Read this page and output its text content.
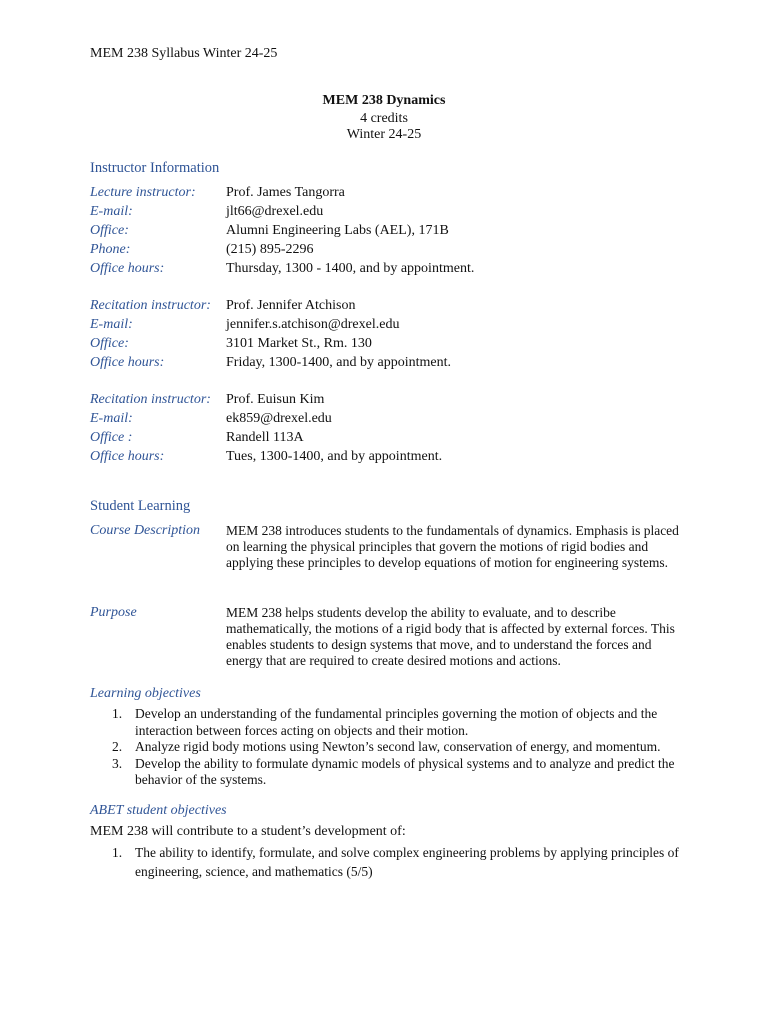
MEM 238 Syllabus Winter 24-25
MEM 238 Dynamics
4 credits
Winter 24-25
Instructor Information
Lecture instructor: Prof. James Tangorra
E-mail:	jlt66@drexel.edu
Office:	Alumni Engineering Labs (AEL), 171B
Phone:	(215) 895-2296
Office hours:	Thursday, 1300 - 1400, and by appointment.
Recitation instructor: Prof. Jennifer Atchison
E-mail:	jennifer.s.atchison@drexel.edu
Office:	3101 Market St., Rm. 130
Office hours:	Friday, 1300-1400, and by appointment.
Recitation instructor: Prof. Euisun Kim
E-mail:	ek859@drexel.edu
Office :	Randell 113A
Office hours:	Tues, 1300-1400, and by appointment.
Student Learning
Course Description MEM 238 introduces students to the fundamentals of dynamics. Emphasis is placed on learning the physical principles that govern the motions of rigid bodies and applying these principles to develop equations of motion for engineering systems.
Purpose	MEM 238 helps students develop the ability to evaluate, and to describe mathematically, the motions of a rigid body that is affected by external forces. This enables students to design systems that move, and to understand the forces and energy that are required to create desired motions and actions.
Learning objectives
1. Develop an understanding of the fundamental principles governing the motion of objects and the interaction between forces acting on objects and their motion.
2. Analyze rigid body motions using Newton’s second law, conservation of energy, and momentum.
3. Develop the ability to formulate dynamic models of physical systems and to analyze and predict the behavior of the systems.
ABET student objectives
MEM 238 will contribute to a student’s development of:
1. The ability to identify, formulate, and solve complex engineering problems by applying principles of engineering, science, and mathematics (5/5)
